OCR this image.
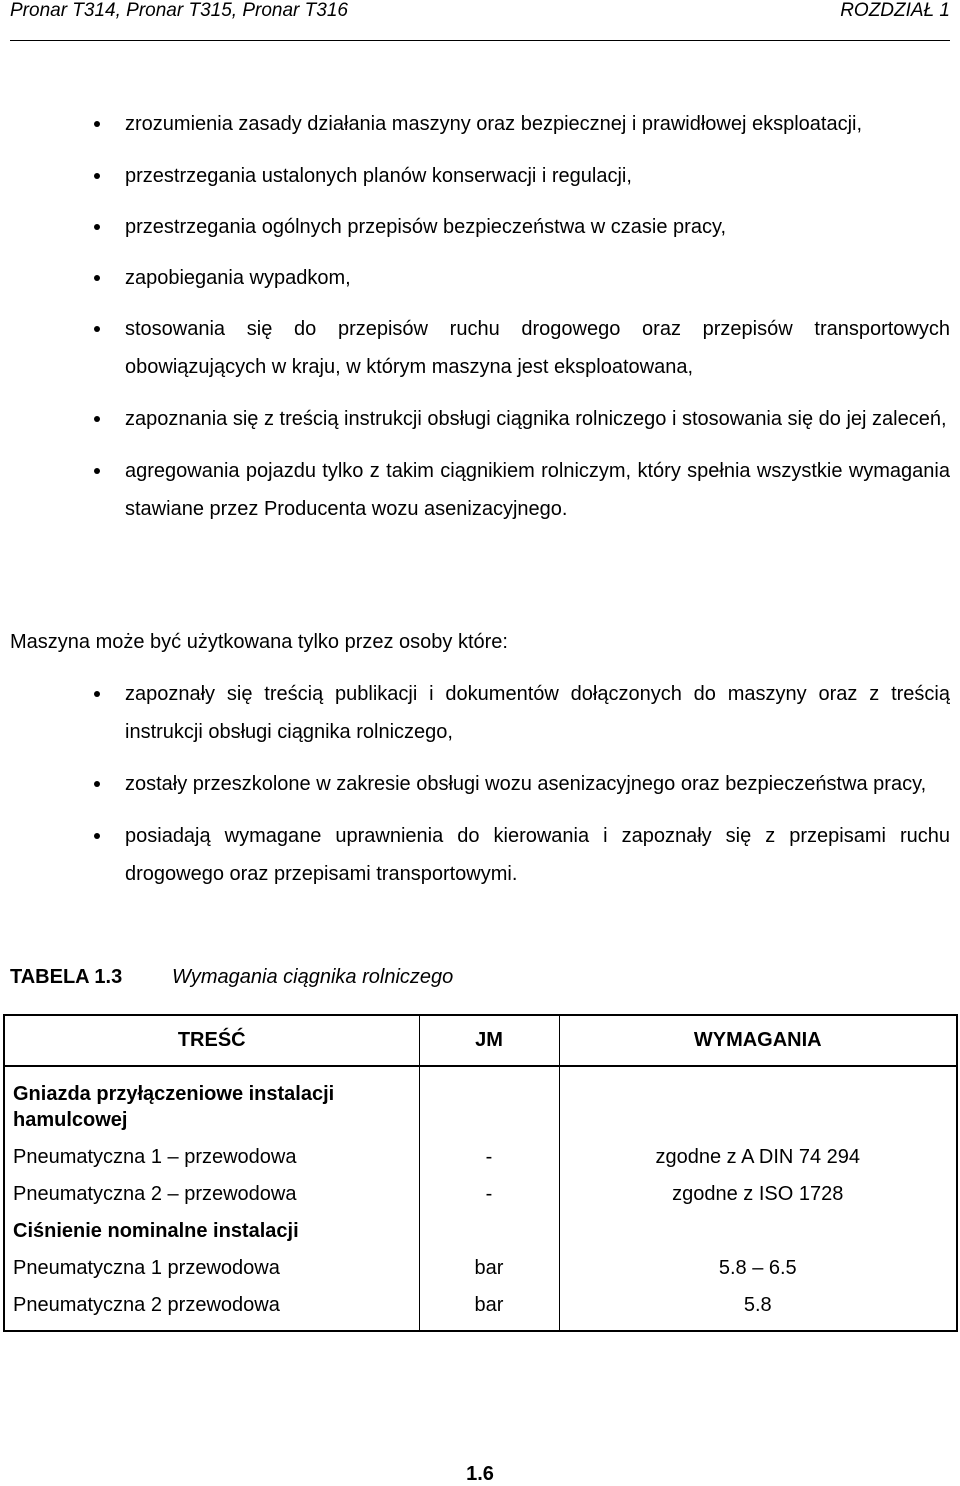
Pronar T314, Pronar T315, Pronar T316	ROZDZIAŁ 1
zrozumienia zasady działania maszyny oraz bezpiecznej i prawidłowej eksploatacji,
przestrzegania ustalonych planów konserwacji i regulacji,
przestrzegania ogólnych przepisów bezpieczeństwa w czasie pracy,
zapobiegania wypadkom,
stosowania się do przepisów ruchu drogowego oraz przepisów transportowych obowiązujących w kraju, w którym maszyna jest eksploatowana,
zapoznania się z treścią instrukcji obsługi ciągnika rolniczego i stosowania się do jej zaleceń,
agregowania pojazdu tylko z takim ciągnikiem rolniczym, który spełnia wszystkie wymagania stawiane przez Producenta wozu asenizacyjnego.
Maszyna może być użytkowana tylko przez osoby które:
zapoznały się treścią publikacji i dokumentów dołączonych do maszyny oraz z treścią instrukcji obsługi ciągnika rolniczego,
zostały przeszkolone w zakresie obsługi wozu asenizacyjnego oraz bezpieczeństwa pracy,
posiadają wymagane uprawnienia do kierowania i zapoznały się z przepisami ruchu drogowego oraz przepisami transportowymi.
TABELA 1.3 Wymagania ciągnika rolniczego
TREŚĆ	JM	WYMAGANIA
Gniazda przyłączeniowe instalacji hamulcowej		
Pneumatyczna 1 – przewodowa	-	zgodne z A DIN 74 294
Pneumatyczna 2 – przewodowa	-	zgodne z ISO 1728
Ciśnienie nominalne instalacji		
Pneumatyczna 1 przewodowa	bar	5.8 – 6.5
Pneumatyczna 2 przewodowa	bar	5.8
1.6
